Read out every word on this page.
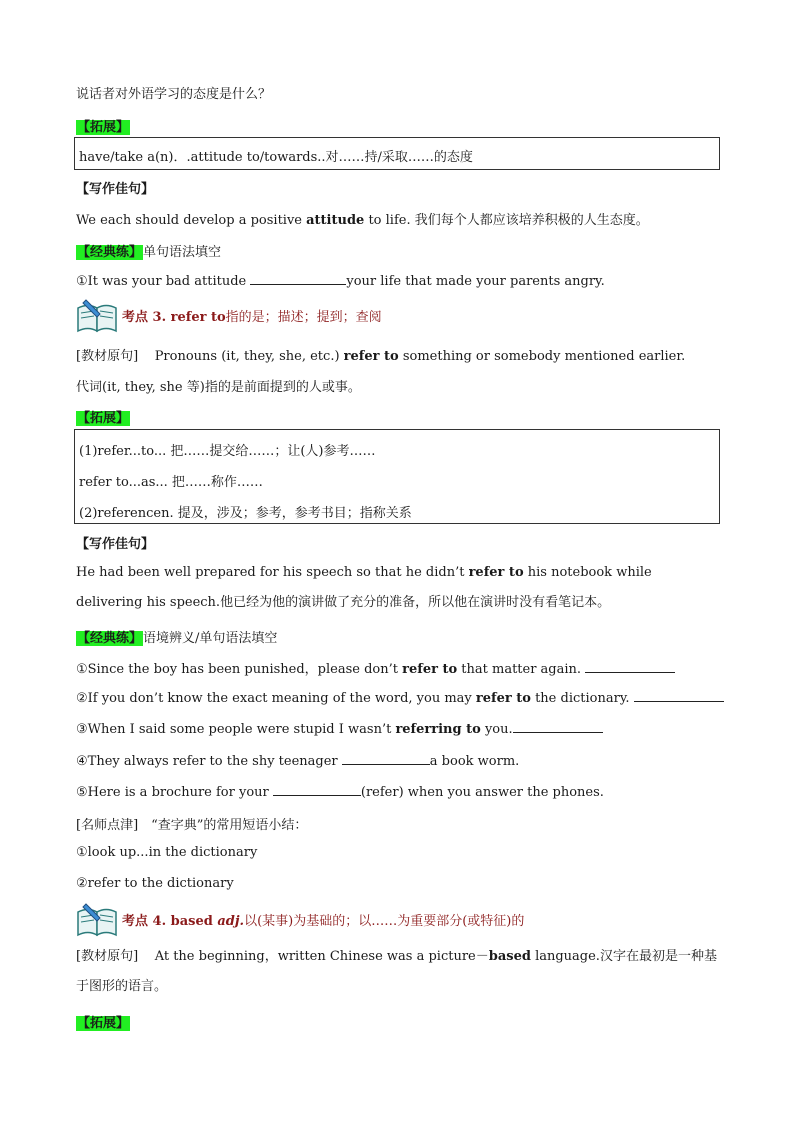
说话者对外语学习的态度是什么？
【拓展】
have/take a(n)．.attitude to/towards..对……持/采取……的态度
【写作佳句】
We each should develop a positive attitude to life. 我们每个人都应该培养积极的人生态度。
【经典练】单句语法填空
①It was your bad attitude	your life that made your parents angry.
考点 3. refer to指的是；描述；提到；查阅
[教材原句] Pronouns (it, they, she, etc.) refer to something or somebody mentioned earlier.
代词(it, they, she 等)指的是前面提到的人或事。
【拓展】
(1)refer...to... 把……提交给……；让(人)参考……
refer to...as... 把……称作……
(2)referencen. 提及，涉及；参考，参考书目；指称关系
【写作佳句】
He had been well prepared for his speech so that he didn’t refer to his notebook while delivering his speech.他已经为他的演讲做了充分的准备，所以他在演讲时没有看笔记本。
【经典练】语境辨义/单句语法填空
①Since the boy has been punished，please don’t refer to that matter again.
②If you don’t know the exact meaning of the word, you may refer to the dictionary.
③When I said some people were stupid I wasn’t referring to you.
④They always refer to the shy teenager	a book worm.
⑤Here is a brochure for your	(refer) when you answer the phones.
[名师点津]　“查字典”的常用短语小结：
①look up...in the dictionary
②refer to the dictionary
考点 4. based adj.以(某事)为基础的；以……为重要部分(或特征)的
[教材原句] At the beginning，written Chinese was a picture－based language.汉字在最初是一种基于图形的语言。
【拓展】
